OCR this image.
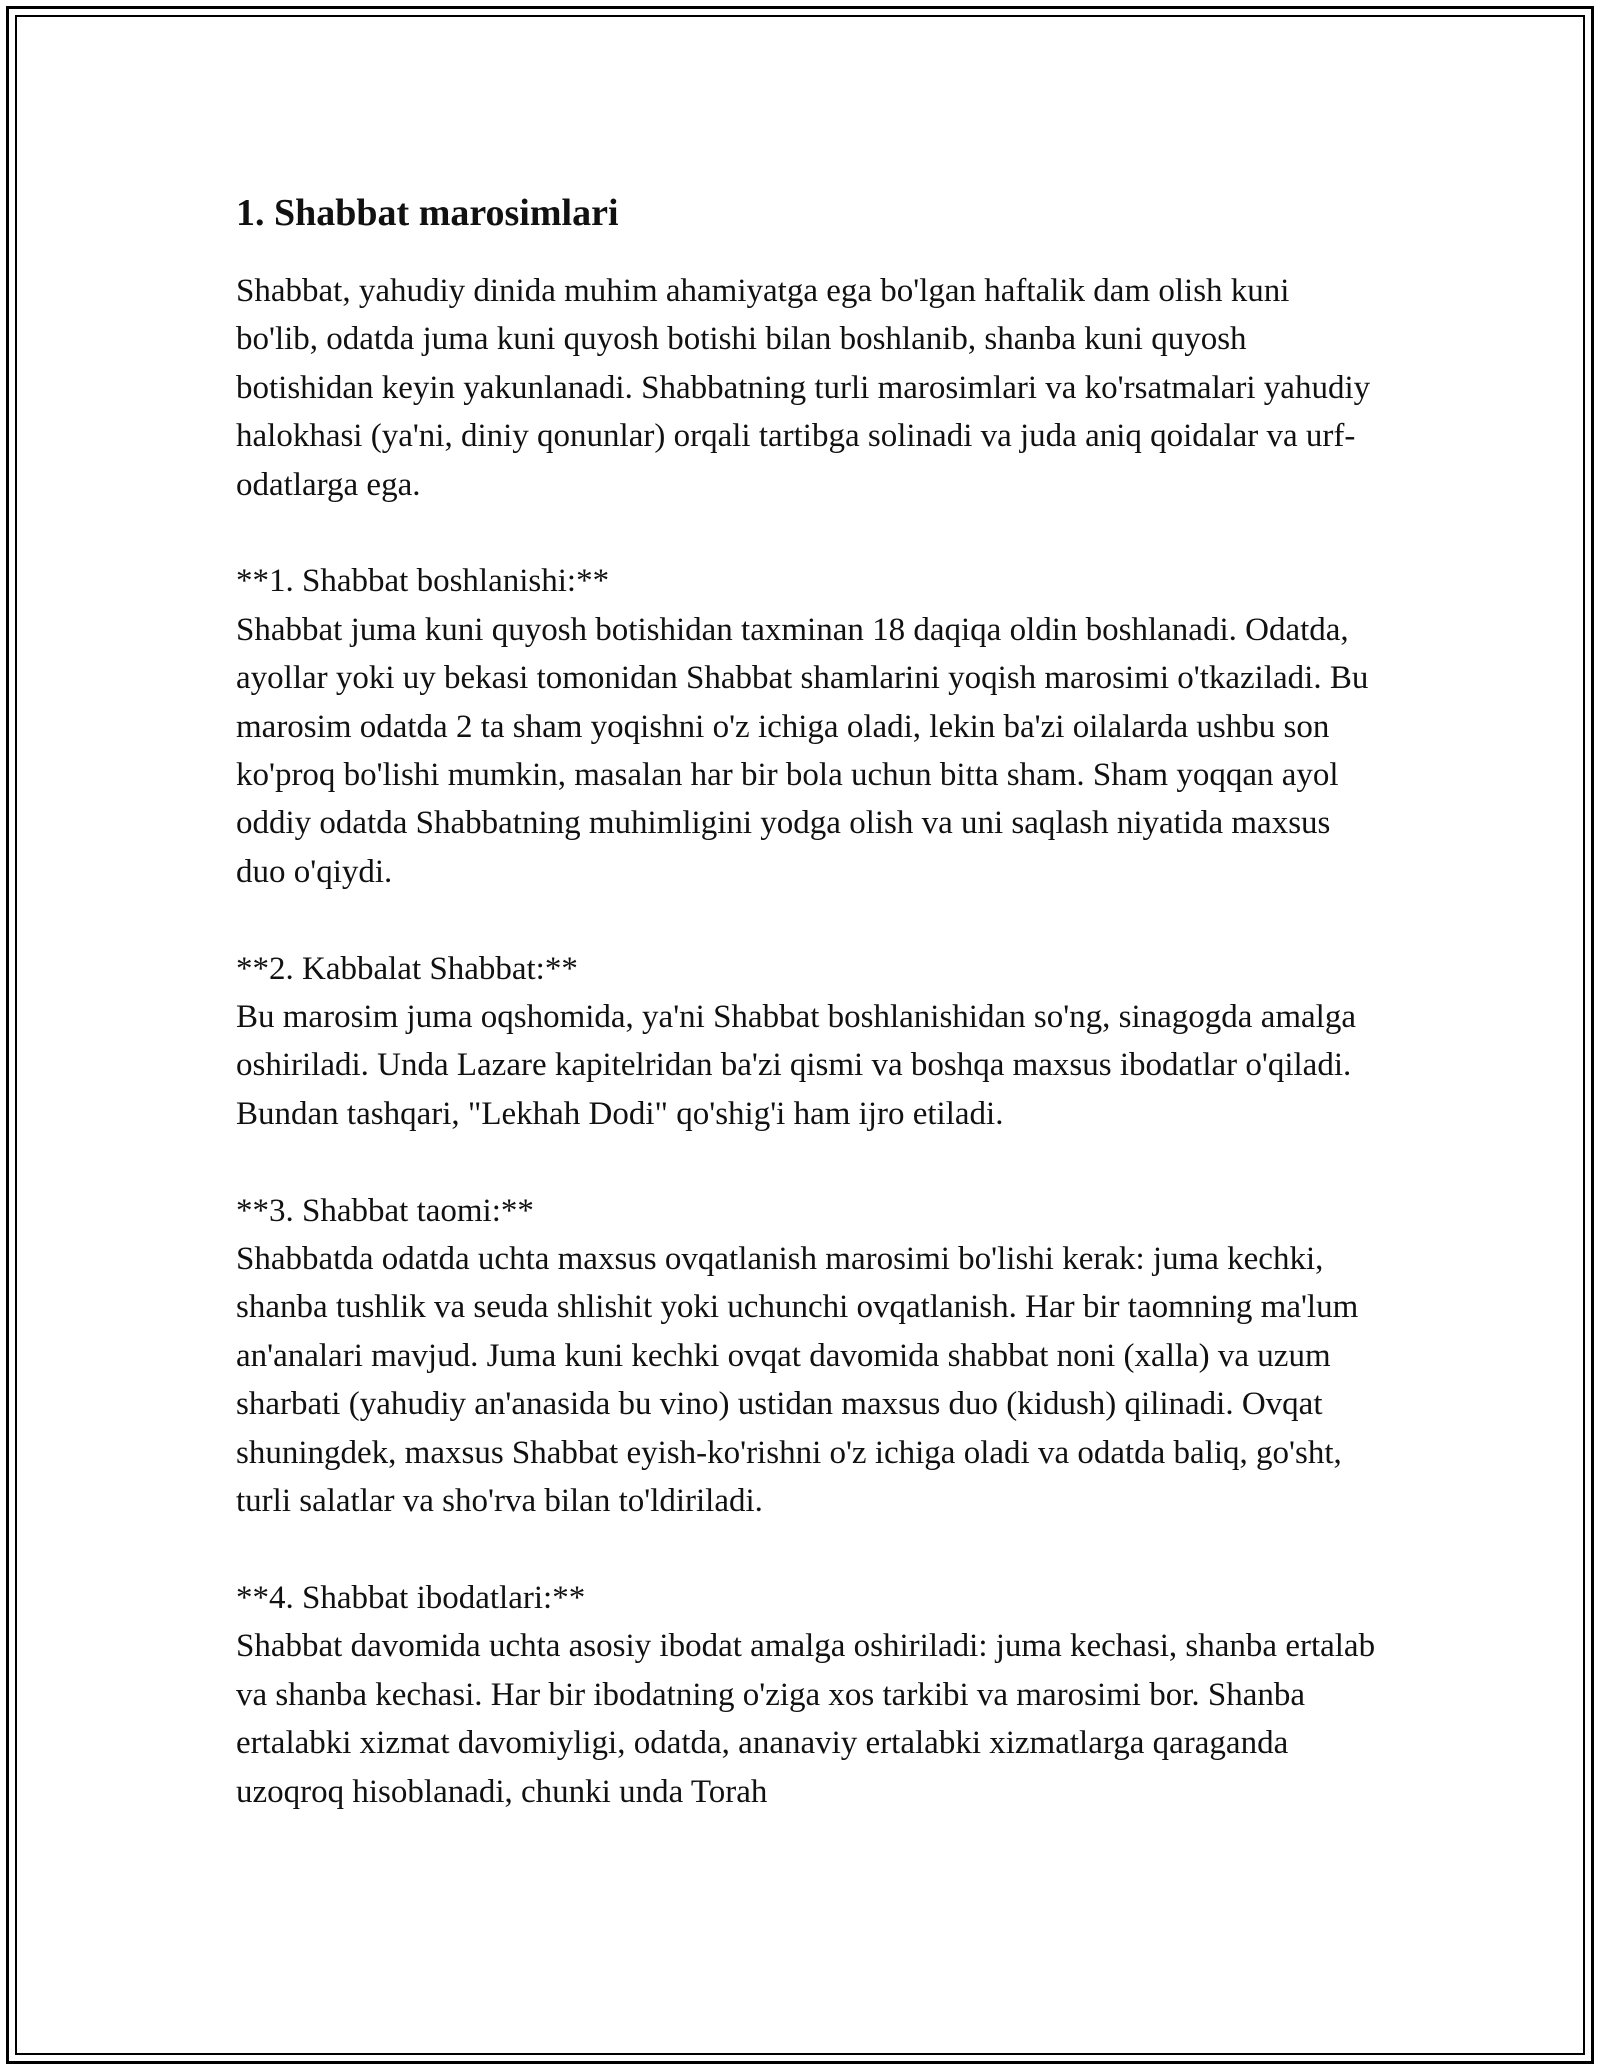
1. Shabbat marosimlari

Shabbat, yahudiy dinida muhim ahamiyatga ega bo'lgan haftalik dam olish kuni bo'lib, odatda juma kuni quyosh botishi bilan boshlanib, shanba kuni quyosh botishidan keyin yakunlanadi. Shabbatning turli marosimlari va ko'rsatmalari yahudiy halokhasi (ya'ni, diniy qonunlar) orqali tartibga solinadi va juda aniq qoidalar va urf-odatlarga ega.

**1. Shabbat boshlanishi:**
Shabbat juma kuni quyosh botishidan taxminan 18 daqiqa oldin boshlanadi. Odatda, ayollar yoki uy bekasi tomonidan Shabbat shamlarini yoqish marosimi o'tkaziladi. Bu marosim odatda 2 ta sham yoqishni o'z ichiga oladi, lekin ba'zi oilalarda ushbu son ko'proq bo'lishi mumkin, masalan har bir bola uchun bitta sham. Sham yoqqan ayol oddiy odatda Shabbatning muhimligini yodga olish va uni saqlash niyatida maxsus duo o'qiydi.

**2. Kabbalat Shabbat:**
Bu marosim juma oqshomida, ya'ni Shabbat boshlanishidan so'ng, sinagogda amalga oshiriladi. Unda Lazare kapitelridan ba'zi qismi va boshqa maxsus ibodatlar o'qiladi. Bundan tashqari, "Lekhah Dodi" qo'shig'i ham ijro etiladi.

**3. Shabbat taomi:**
Shabbatda odatda uchta maxsus ovqatlanish marosimi bo'lishi kerak: juma kechki, shanba tushlik va seuda shlishit yoki uchunchi ovqatlanish. Har bir taomning ma'lum an'analari mavjud. Juma kuni kechki ovqat davomida shabbat noni (xalla) va uzum sharbati (yahudiy an'anasida bu vino) ustidan maxsus duo (kidush) qilinadi. Ovqat shuningdek, maxsus Shabbat eyish-ko'rishni o'z ichiga oladi va odatda baliq, go'sht, turli salatlar va sho'rva bilan to'ldiriladi.

**4. Shabbat ibodatlari:**
Shabbat davomida uchta asosiy ibodat amalga oshiriladi: juma kechasi, shanba ertalab va shanba kechasi. Har bir ibodatning o'ziga xos tarkibi va marosimi bor. Shanba ertalabki xizmat davomiyligi, odatda, ananaviy ertalabki xizmatlarga qaraganda uzoqroq hisoblanadi, chunki unda Torah
